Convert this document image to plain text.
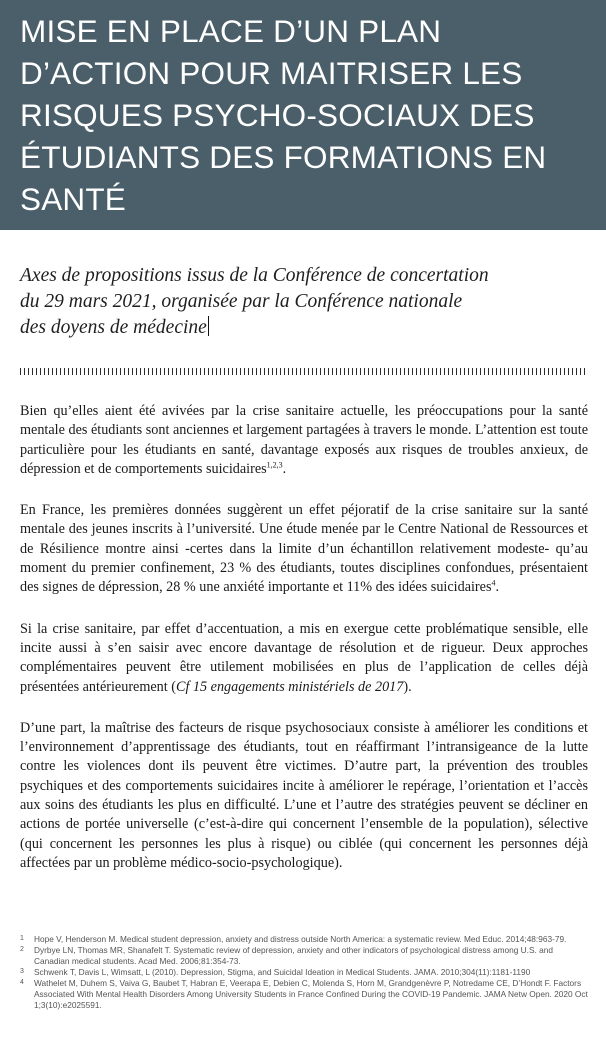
MISE EN PLACE D’UN PLAN D’ACTION POUR MAITRISER LES RISQUES PSYCHO-SOCIAUX DES ÉTUDIANTS DES FORMATIONS EN SANTÉ
Axes de propositions issus de la Conférence de concertation
du 29 mars 2021, organisée par la Conférence nationale
des doyens de médecine

Bien qu’elles aient été avivées par la crise sanitaire actuelle, les préoccupations pour la santé mentale des étudiants sont anciennes et largement partagées à travers le monde. L’attention est toute particulière pour les étudiants en santé, davantage exposés aux risques de troubles anxieux, de dépression et de comportements suicidaires$^{1,2,3}$.

En France, les premières données suggèrent un effet péjoratif de la crise sanitaire sur la santé mentale des jeunes inscrits à l’université. Une étude menée par le Centre National de Ressources et de Résilience montre ainsi -certes dans la limite d’un échantillon relativement modeste- qu’au moment du premier confinement, 23 % des étudiants, toutes disciplines confondues, présentaient des signes de dépression, 28 % une anxiété importante et 11% des idées suicidaires$^4$.

Si la crise sanitaire, par effet d’accentuation, a mis en exergue cette problématique sensible, elle incite aussi à s’en saisir avec encore davantage de résolution et de rigueur. Deux approches complémentaires peuvent être utilement mobilisées en plus de l’application de celles déjà présentées antérieurement (Cf 15 engagements ministériels de 2017).

D’une part, la maîtrise des facteurs de risque psychosociaux consiste à améliorer les conditions et l’environnement d’apprentissage des étudiants, tout en réaffirmant l’intransigeance de la lutte contre les violences dont ils peuvent être victimes. D’autre part, la prévention des troubles psychiques et des comportements suicidaires incite à améliorer le repérage, l’orientation et l’accès aux soins des étudiants les plus en difficulté. L’une et l’autre des stratégies peuvent se décliner en actions de portée universelle (c’est-à-dire qui concernent l’ensemble de la population), sélective (qui concernent les personnes les plus à risque) ou ciblée (qui concernent les personnes déjà affectées par un problème médico-socio-psychologique).

1	Hope V, Henderson M. Medical student depression, anxiety and distress outside North America: a systematic review. Med Educ. 2014;48:963-79.
2	Dyrbye LN, Thomas MR, Shanafelt T. Systematic review of depression, anxiety and other indicators of psychological distress among U.S. and Canadian medical students. Acad Med. 2006;81:354-73.
3	Schwenk T, Davis L, Wimsatt, L (2010). Depression, Stigma, and Suicidal Ideation in Medical Students. JAMA. 2010;304(11):1181-1190
4	Wathelet M, Duhem S, Vaiva G, Baubet T, Habran E, Veerapa E, Debien C, Molenda S, Horn M, Grandgenèvre P, Notredame CE, D’Hondt F. Factors Associated With Mental Health Disorders Among University Students in France Confined During the COVID-19 Pandemic. JAMA Netw Open. 2020 Oct 1;3(10):e2025591.
